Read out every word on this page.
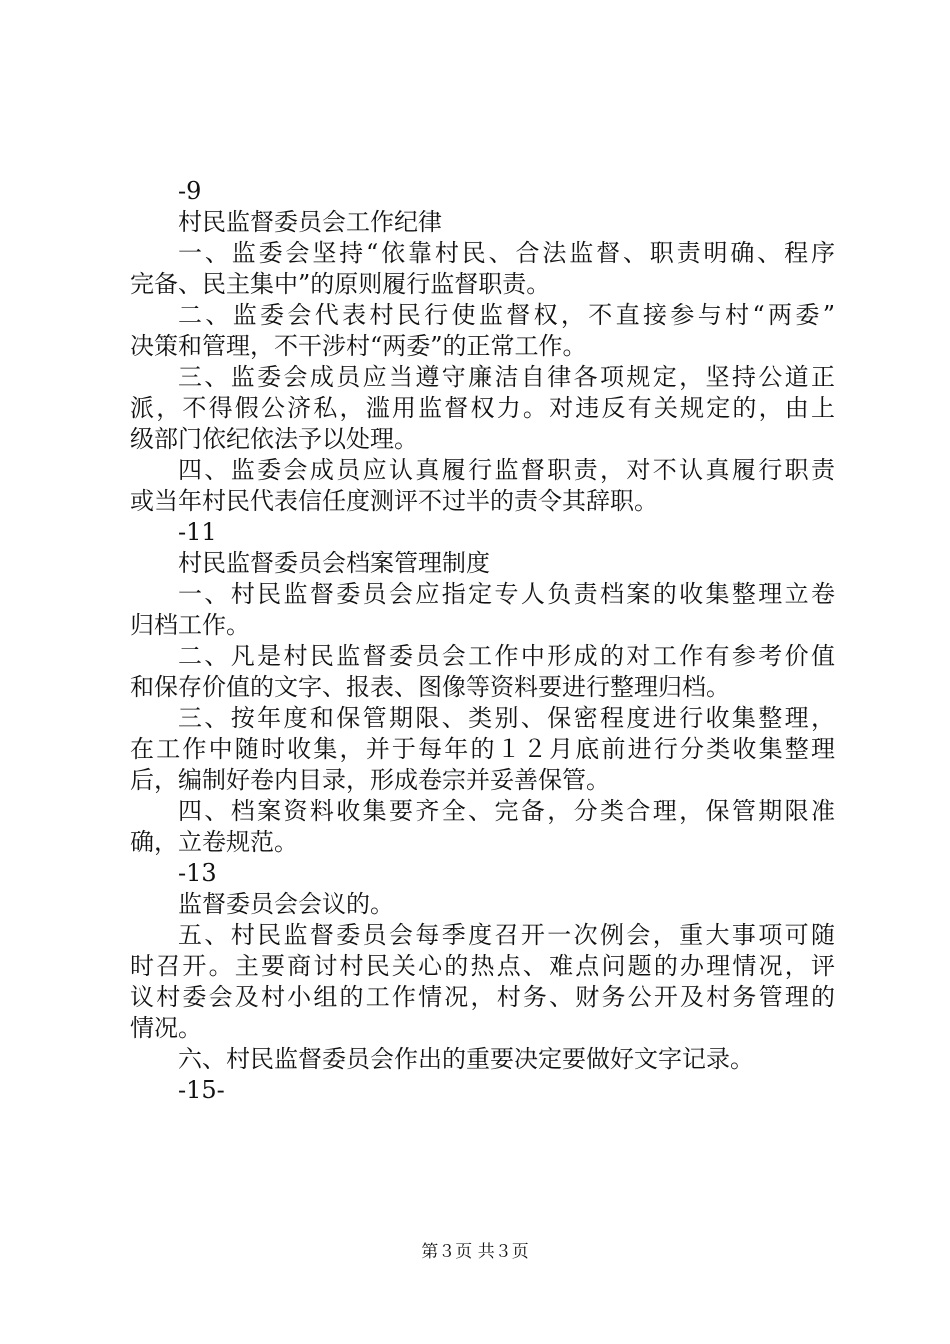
-9
村民监督委员会工作纪律
一、监委会坚持“依靠村民、合法监督、职责明确、程序
完备、民主集中”的原则履行监督职责。
二、监委会代表村民行使监督权，不直接参与村“两委”
决策和管理，不干涉村“两委”的正常工作。
三、监委会成员应当遵守廉洁自律各项规定，坚持公道正
派，不得假公济私，滥用监督权力。对违反有关规定的，由上
级部门依纪依法予以处理。
四、监委会成员应认真履行监督职责，对不认真履行职责
或当年村民代表信任度测评不过半的责令其辞职。
-11
村民监督委员会档案管理制度
一、村民监督委员会应指定专人负责档案的收集整理立卷
归档工作。
二、凡是村民监督委员会工作中形成的对工作有参考价值
和保存价值的文字、报表、图像等资料要进行整理归档。
三、按年度和保管期限、类别、保密程度进行收集整理，
在工作中随时收集，并于每年的１２月底前进行分类收集整理
后，编制好卷内目录，形成卷宗并妥善保管。
四、档案资料收集要齐全、完备，分类合理，保管期限准
确，立卷规范。
-13
监督委员会会议的。
五、村民监督委员会每季度召开一次例会，重大事项可随
时召开。主要商讨村民关心的热点、难点问题的办理情况，评
议村委会及村小组的工作情况，村务、财务公开及村务管理的
情况。
六、村民监督委员会作出的重要决定要做好文字记录。
-15-
第３页 共３页
